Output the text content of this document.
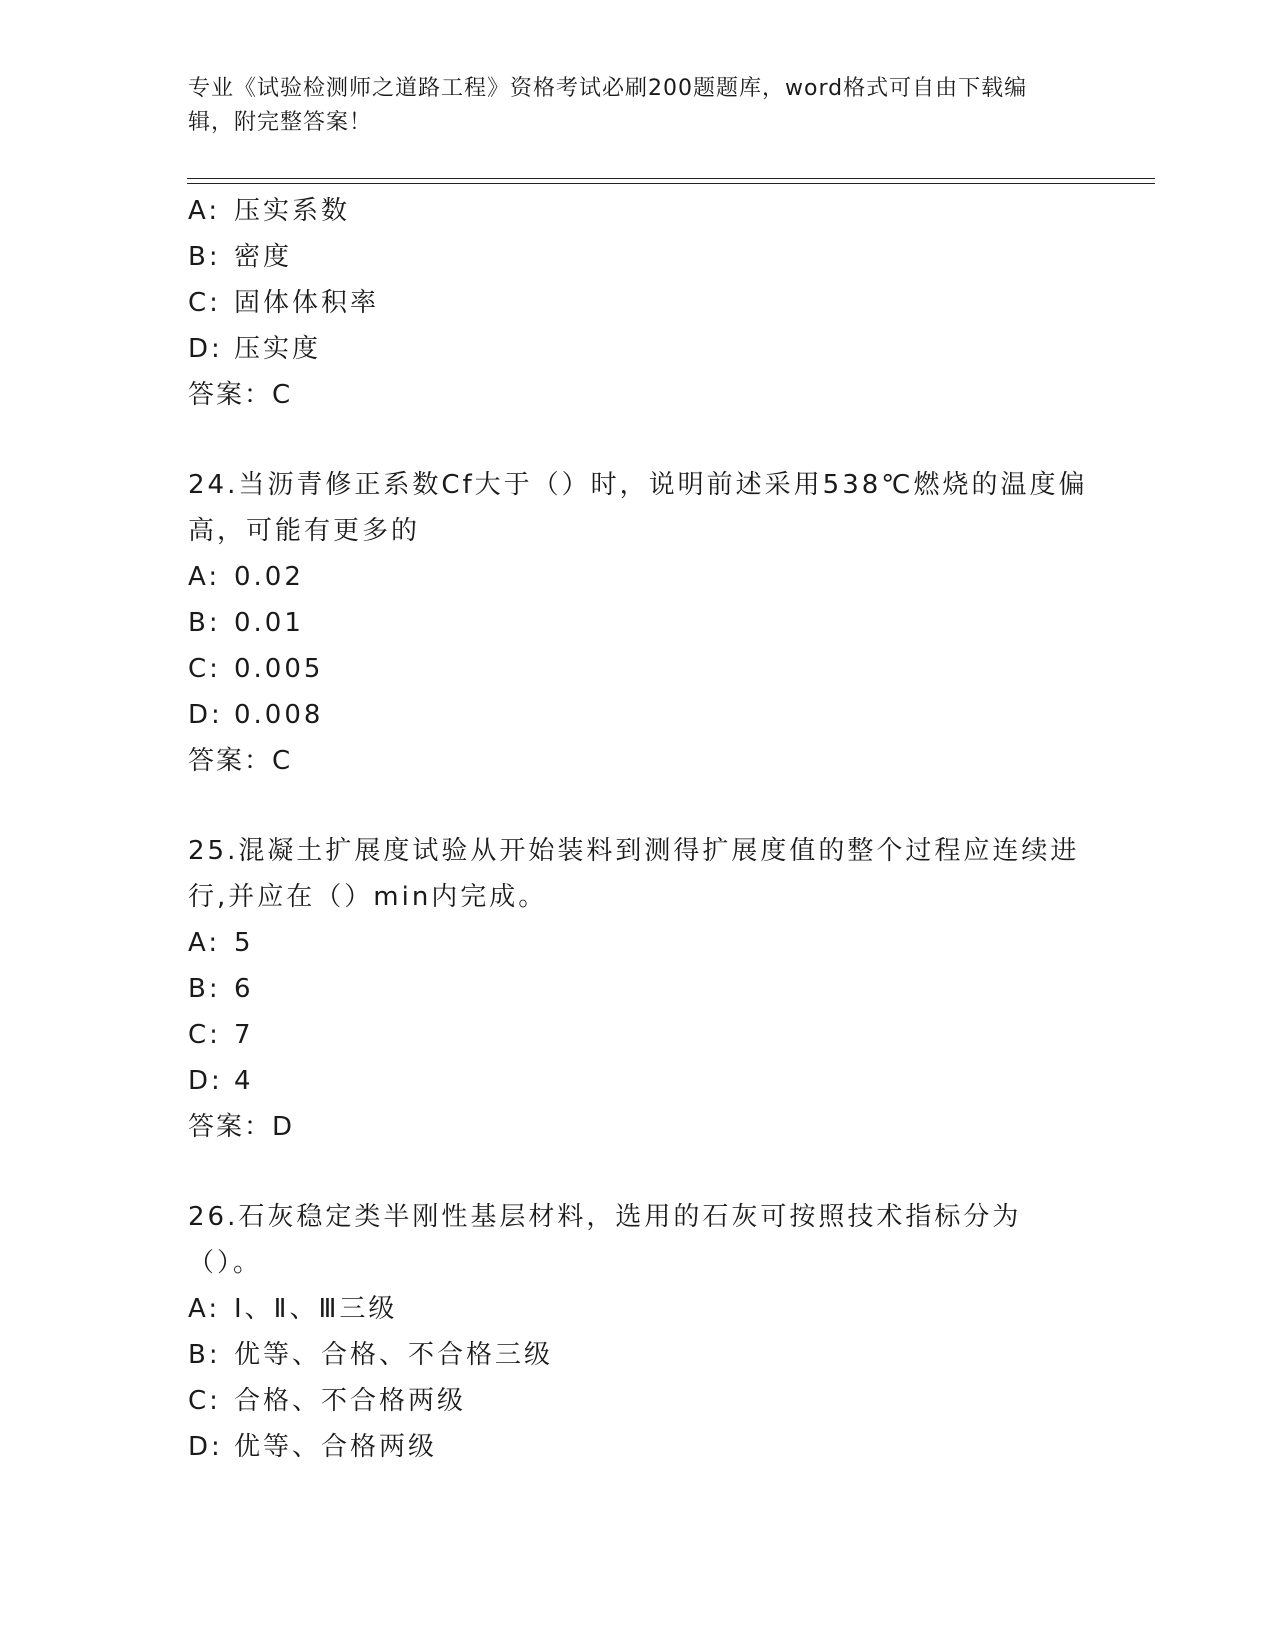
专业《试验检测师之道路工程》资格考试必刷200题题库，word格式可自由下载编辑，附完整答案！
A: 压实系数
B: 密度
C: 固体体积率
D: 压实度
答案：C
24.当沥青修正系数Cf大于（）时，说明前述采用538℃燃烧的温度偏高，可能有更多的
A: 0.02
B: 0.01
C: 0.005
D: 0.008
答案：C
25.混凝土扩展度试验从开始装料到测得扩展度值的整个过程应连续进行,并应在（）min内完成。
A: 5
B: 6
C: 7
D: 4
答案：D
26.石灰稳定类半刚性基层材料，选用的石灰可按照技术指标分为（）。
A: Ⅰ、Ⅱ、Ⅲ三级
B: 优等、合格、不合格三级
C: 合格、不合格两级
D: 优等、合格两级
